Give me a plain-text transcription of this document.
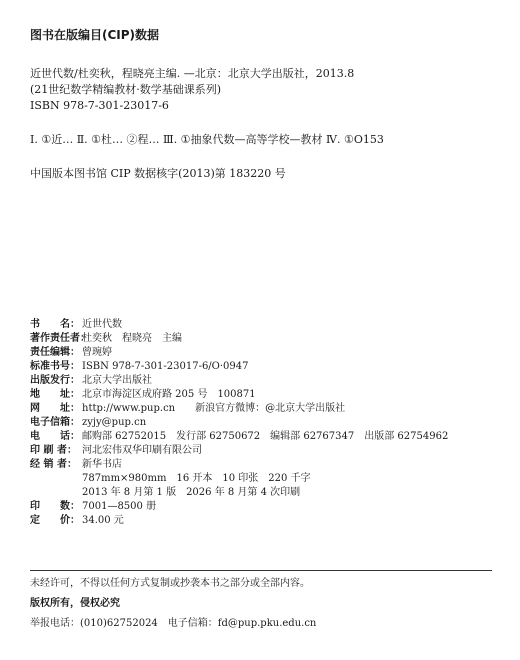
图书在版编目(CIP)数据
近世代数/杜奕秋，程晓亮主编. —北京：北京大学出版社，2013.8
(21世纪数学精编教材·数学基础课系列)
ISBN 978-7-301-23017-6
Ⅰ. ①近… Ⅱ. ①杜… ②程… Ⅲ. ①抽象代数—高等学校—教材 Ⅳ. ①O153
中国版本图书馆 CIP 数据核字(2013)第 183220 号
书　　名： 近世代数
著作责任者：杜奕秋　程晓亮　主编
责任编辑： 曾琬婷
标准书号： ISBN 978-7-301-23017-6/O·0947
出版发行： 北京大学出版社
地　　址： 北京市海淀区成府路 205 号　100871
网　　址： http://www.pup.cn　　新浪官方微博：@北京大学出版社
电子信箱： zyjy@pup.cn
电　　话： 邮购部 62752015　发行部 62750672　编辑部 62767347　出版部 62754962
印 刷 者： 河北宏伟双华印刷有限公司
经 销 者： 新华书店
787mm×980mm　16 开本　10 印张　220 千字
2013 年 8 月第 1 版　2026 年 8 月第 4 次印刷
印　　数： 7001—8500 册
定　　价： 34.00 元
未经许可，不得以任何方式复制或抄袭本书之部分或全部内容。
版权所有，侵权必究
举报电话：(010)62752024　电子信箱：fd@pup.pku.edu.cn
